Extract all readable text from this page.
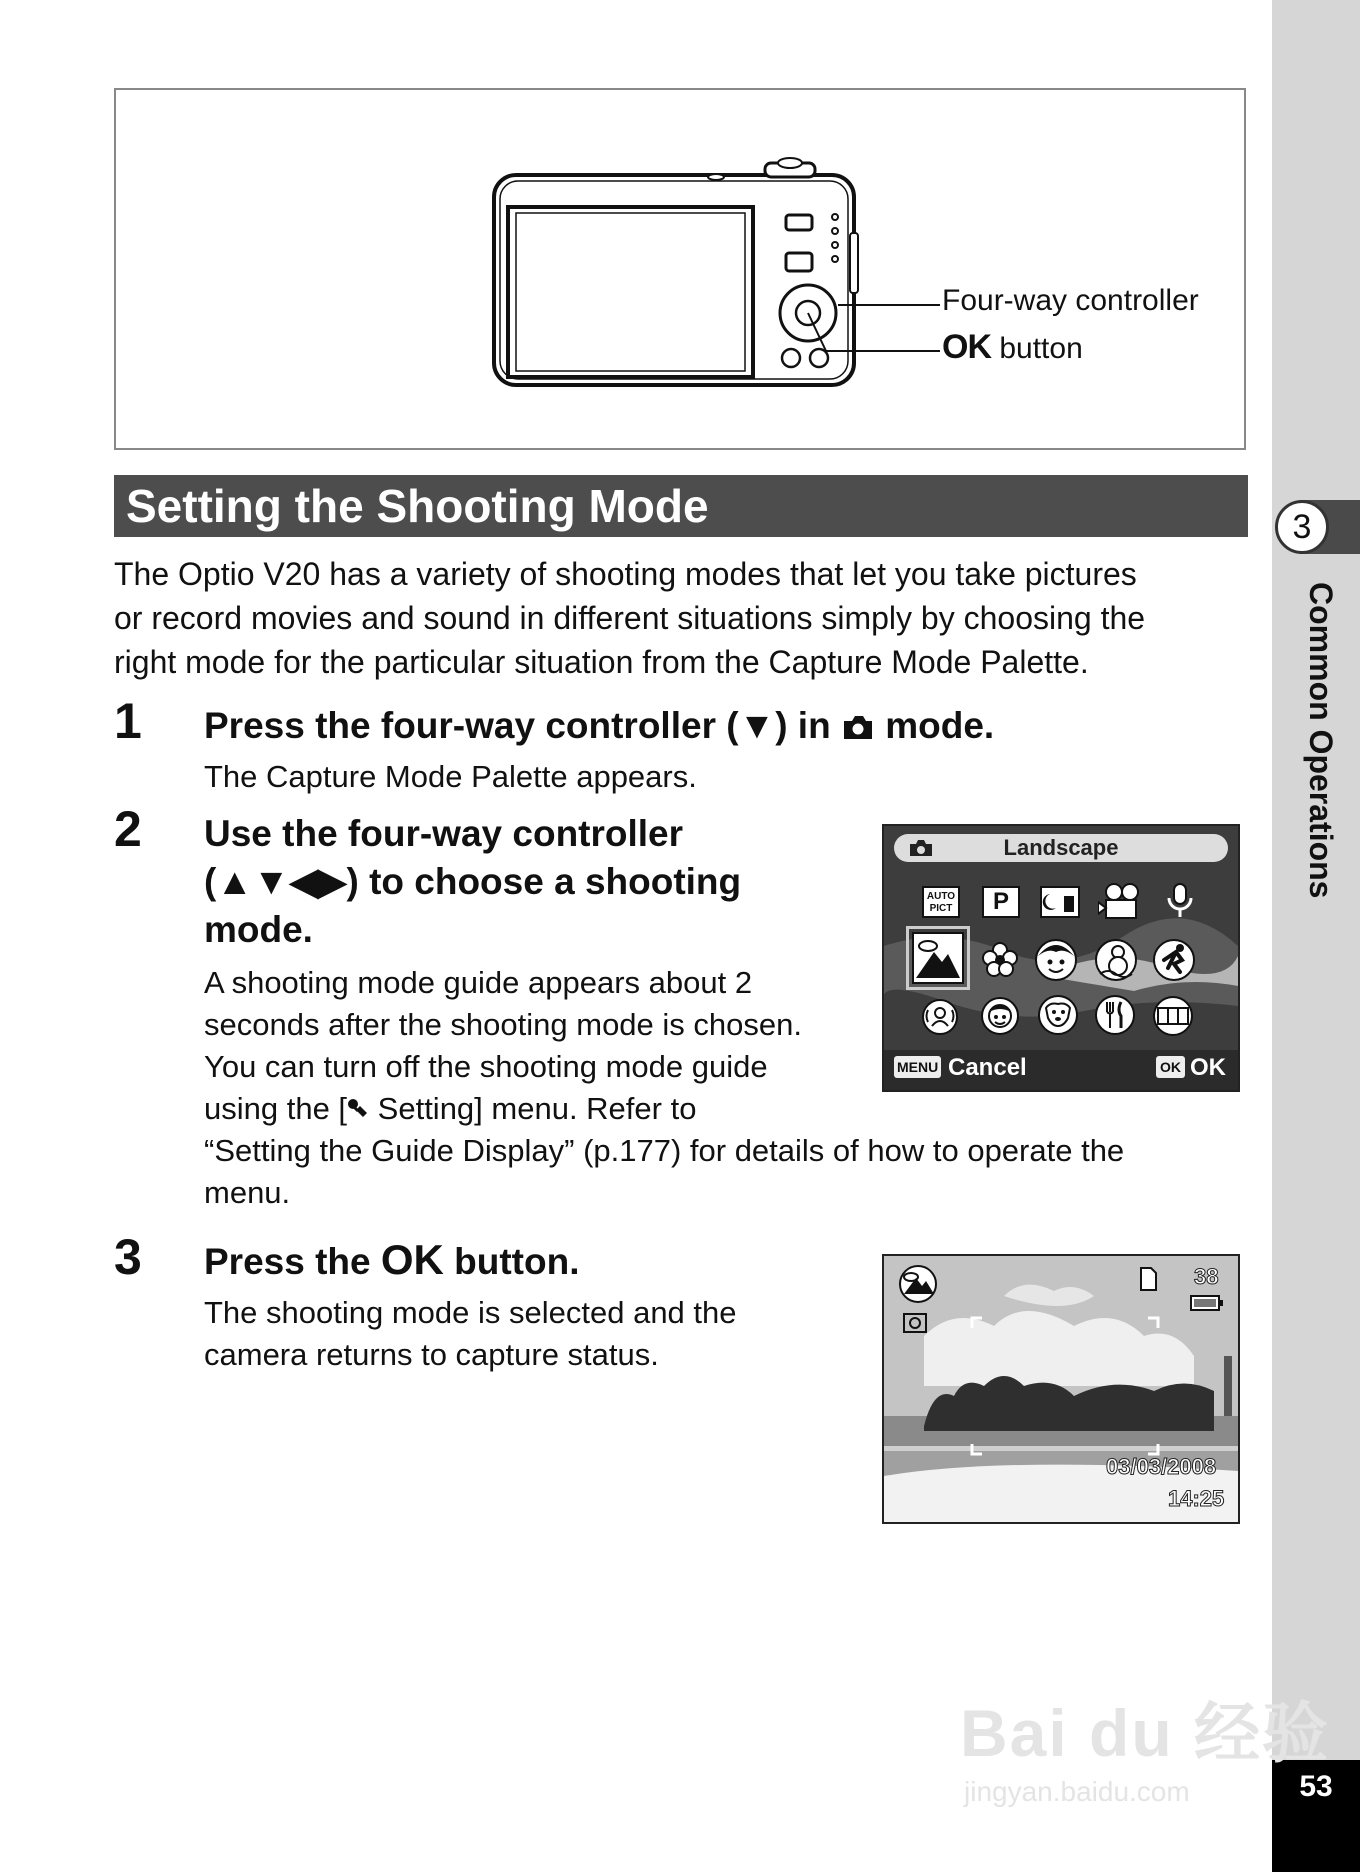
3
Common Operations
53
Four-way controller
OK button
Setting the Shooting Mode
The Optio V20 has a variety of shooting modes that let you take pictures
or record movies and sound in different situations simply by choosing the
right mode for the particular situation from the Capture Mode Palette.
1 Press the four-way controller (▼) in mode.
The Capture Mode Palette appears.
2 Use the four-way controller
(▲▼◀▶) to choose a shooting
mode.
A shooting mode guide appears about 2
seconds after the shooting mode is chosen.
You can turn off the shooting mode guide
using the [ Setting] menu. Refer to
“Setting the Guide Display” (p.177) for details of how to operate the
menu.
Landscape
AUTO
PICT	P
MENU Cancel	OK OK
3 Press the OK button.
The shooting mode is selected and the
camera returns to capture status.
38
03/03/2008
14:25
Bai du 经验
jingyan.baidu.com
